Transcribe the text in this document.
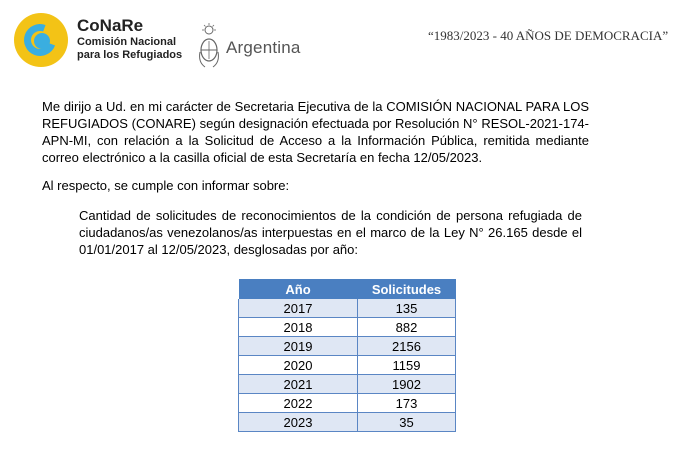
CoNaRe
Comisión Nacional
para los Refugiados	Argentina
“1983/2023 - 40 AÑOS DE DEMOCRACIA”

Me dirijo a Ud. en mi carácter de Secretaria Ejecutiva de la COMISIÓN NACIONAL PARA LOS REFUGIADOS (CONARE) según designación efectuada por Resolución N° RESOL-2021-174-APN-MI, con relación a la Solicitud de Acceso a la Información Pública, remitida mediante correo electrónico a la casilla oficial de esta Secretaría en fecha 12/05/2023.

Al respecto, se cumple con informar sobre:

Cantidad de solicitudes de reconocimientos de la condición de persona refugiada de ciudadanos/as venezolanos/as interpuestas en el marco de la Ley N° 26.165 desde el 01/01/2017 al 12/05/2023, desglosadas por año:

Año	Solicitudes
2017	135
2018	882
2019	2156
2020	1159
2021	1902
2022	173
2023	35
